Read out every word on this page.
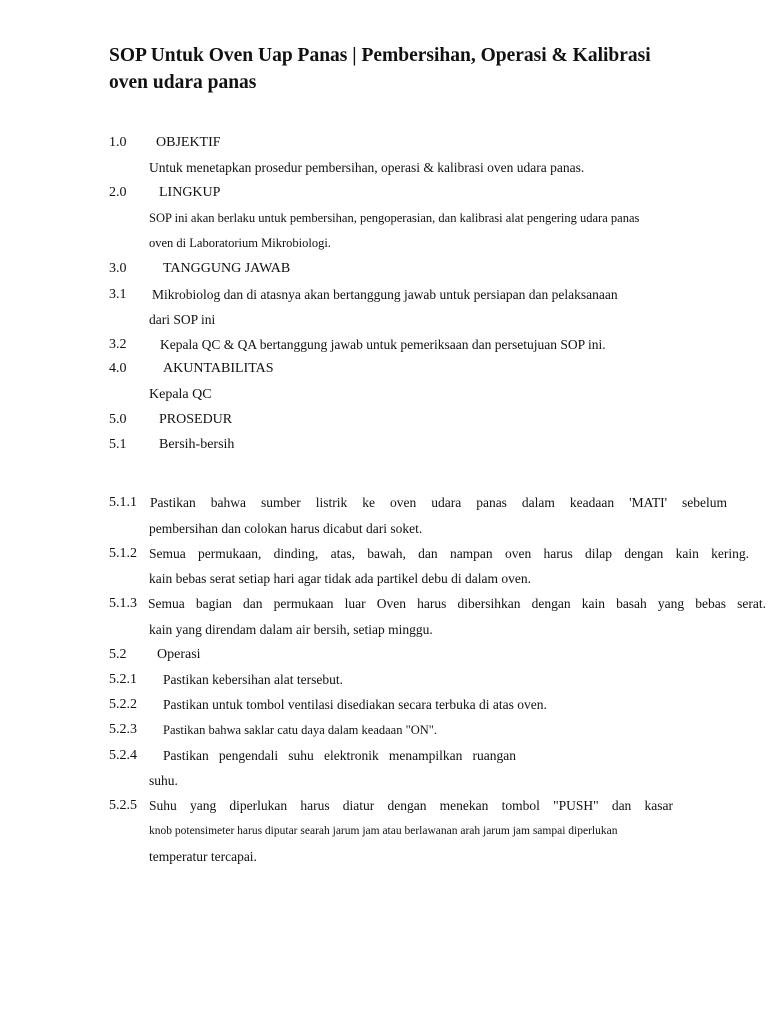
SOP Untuk Oven Uap Panas | Pembersihan, Operasi & Kalibrasi
oven udara panas
1.0 OBJEKTIF
Untuk menetapkan prosedur pembersihan, operasi & kalibrasi oven udara panas.
2.0 LINGKUP
SOP ini akan berlaku untuk pembersihan, pengoperasian, dan kalibrasi alat pengering udara panas
oven di Laboratorium Mikrobiologi.
3.0	TANGGUNG JAWAB
3.1 Mikrobiolog dan di atasnya akan bertanggung jawab untuk persiapan dan pelaksanaan
dari SOP ini
3.2 Kepala QC & QA bertanggung jawab untuk pemeriksaan dan persetujuan SOP ini.
4.0	AKUNTABILITAS
Kepala QC
5.0 PROSEDUR
5.1 Bersih-bersih
5.1.1 Pastikan bahwa sumber listrik ke oven udara panas dalam keadaan 'MATI' sebelum
pembersihan dan colokan harus dicabut dari soket.
5.1.2 Semua permukaan, dinding, atas, bawah, dan nampan oven harus dilap dengan kain kering.
kain bebas serat setiap hari agar tidak ada partikel debu di dalam oven.
5.1.3 Semua bagian dan permukaan luar Oven harus dibersihkan dengan kain basah yang bebas serat.
kain yang direndam dalam air bersih, setiap minggu.
5.2 Operasi
5.2.1 Pastikan kebersihan alat tersebut.
5.2.2 Pastikan untuk tombol ventilasi disediakan secara terbuka di atas oven.
5.2.3 Pastikan bahwa saklar catu daya dalam keadaan "ON".
5.2.4 Pastikan pengendali suhu elektronik menampilkan ruangan
suhu.
5.2.5 Suhu yang diperlukan harus diatur dengan menekan tombol "PUSH" dan kasar
knob potensimeter harus diputar searah jarum jam atau berlawanan arah jarum jam sampai diperlukan
temperatur tercapai.
